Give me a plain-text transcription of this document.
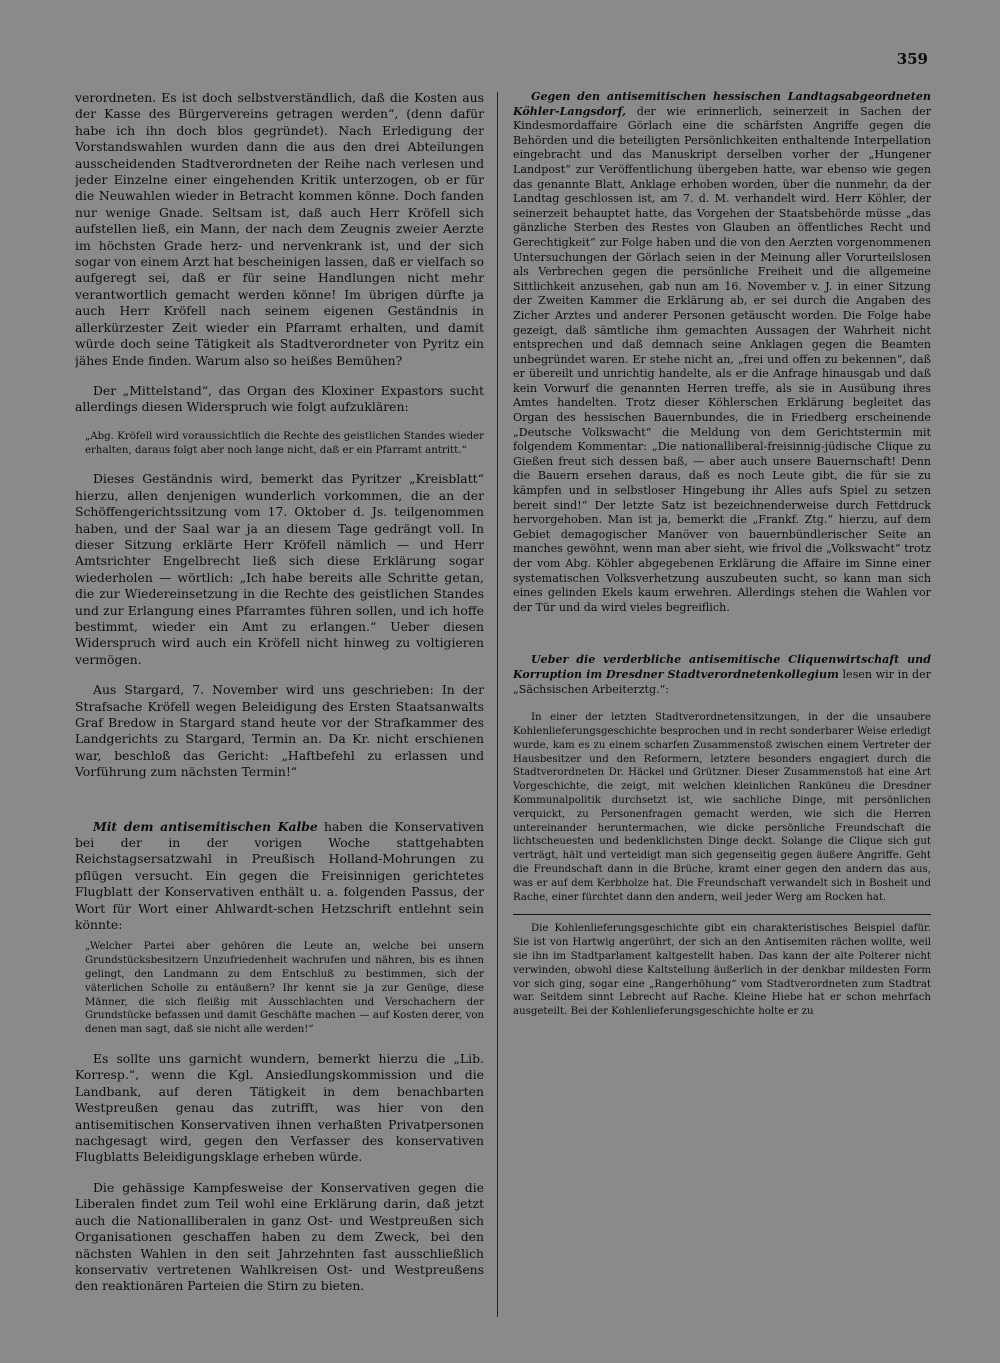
359

verordneten. Es ist doch selbstverständlich, daß die Kosten aus der Kasse des Bürgervereins getragen werden“, (denn dafür habe ich ihn doch blos gegründet). Nach Erledigung der Vorstandswahlen wurden dann die aus den drei Abteilungen ausscheidenden Stadtverordneten der Reihe nach verlesen und jeder Einzelne einer eingehenden Kritik unterzogen, ob er für die Neuwahlen wieder in Betracht kommen könne. Doch fanden nur wenige Gnade. Seltsam ist, daß auch Herr Kröfell sich aufstellen ließ, ein Mann, der nach dem Zeugnis zweier Aerzte im höchsten Grade herz- und nervenkrank ist, und der sich sogar von einem Arzt hat bescheinigen lassen, daß er vielfach so aufgeregt sei, daß er für seine Handlungen nicht mehr verantwortlich gemacht werden könne! Im übrigen dürfte ja auch Herr Kröfell nach seinem eigenen Geständnis in allerkürzester Zeit wieder ein Pfarramt erhalten, und damit würde doch seine Tätigkeit als Stadtverordneter von Pyritz ein jähes Ende finden. Warum also so heißes Bemühen?

Der „Mittelstand“, das Organ des Kloxiner Expastors sucht allerdings diesen Widerspruch wie folgt aufzuklären:

„Abg. Kröfell wird voraussichtlich die Rechte des geistlichen Standes wieder erhalten, daraus folgt aber noch lange nicht, daß er ein Pfarramt antritt.“

Dieses Geständnis wird, bemerkt das Pyritzer „Kreisblatt“ hierzu, allen denjenigen wunderlich vorkommen, die an der Schöffengerichtssitzung vom 17. Oktober d. Js. teilgenommen haben, und der Saal war ja an diesem Tage gedrängt voll. In dieser Sitzung erklärte Herr Kröfell nämlich — und Herr Amtsrichter Engelbrecht ließ sich diese Erklärung sogar wiederholen — wörtlich: „Ich habe bereits alle Schritte getan, die zur Wiedereinsetzung in die Rechte des geistlichen Standes und zur Erlangung eines Pfarramtes führen sollen, und ich hoffe bestimmt, wieder ein Amt zu erlangen.“ Ueber diesen Widerspruch wird auch ein Kröfell nicht hinweg zu voltigieren vermögen.

Aus Stargard, 7. November wird uns geschrieben: In der Strafsache Kröfell wegen Beleidigung des Ersten Staatsanwalts Graf Bredow in Stargard stand heute vor der Strafkammer des Landgerichts zu Stargard, Termin an. Da Kr. nicht erschienen war, beschloß das Gericht: „Haftbefehl zu erlassen und Vorführung zum nächsten Termin!“

Mit dem antisemitischen Kalbe haben die Konservativen bei der in der vorigen Woche stattgehabten Reichstagsersatzwahl in Preußisch Holland-Mohrungen zu pflügen versucht. Ein gegen die Freisinnigen gerichtetes Flugblatt der Konservativen enthält u. a. folgenden Passus, der Wort für Wort einer Ahlwardt-schen Hetzschrift entlehnt sein könnte:

„Welcher Partei aber gehören die Leute an, welche bei unsern Grundstücksbesitzern Unzufriedenheit wachrufen und nähren, bis es ihnen gelingt, den Landmann zu dem Entschluß zu bestimmen, sich der väterlichen Scholle zu entäußern? Ihr kennt sie ja zur Genüge, diese Männer, die sich fleißig mit Ausschlachten und Verschachern der Grundstücke befassen und damit Geschäfte machen — auf Kosten derer, von denen man sagt, daß sie nicht alle werden!“

Es sollte uns garnicht wundern, bemerkt hierzu die „Lib. Korresp.“, wenn die Kgl. Ansiedlungskommission und die Landbank, auf deren Tätigkeit in dem benachbarten Westpreußen genau das zutrifft, was hier von den antisemitischen Konservativen ihnen verhaßten Privatpersonen nachgesagt wird, gegen den Verfasser des konservativen Flugblatts Beleidigungsklage erheben würde.

Die gehässige Kampfesweise der Konservativen gegen die Liberalen findet zum Teil wohl eine Erklärung darin, daß jetzt auch die Nationalliberalen in ganz Ost- und Westpreußen sich Organisationen geschaffen haben zu dem Zweck, bei den nächsten Wahlen in den seit Jahrzehnten fast ausschließlich konservativ vertretenen Wahlkreisen Ost- und Westpreußens den reaktionären Parteien die Stirn zu bieten.

Gegen den antisemitischen hessischen Landtagsabgeordneten Köhler-Langsdorf, der wie erinnerlich, seinerzeit in Sachen der Kindesmordaffaire Görlach eine die schärfsten Angriffe gegen die Behörden und die beteiligten Persönlichkeiten enthaltende Interpellation eingebracht und das Manuskript derselben vorher der „Hungener Landpost“ zur Veröffentlichung übergeben hatte, war ebenso wie gegen das genannte Blatt, Anklage erhoben worden, über die nunmehr, da der Landtag geschlossen ist, am 7. d. M. verhandelt wird. Herr Köhler, der seinerzeit behauptet hatte, das Vorgehen der Staatsbehörde müsse „das gänzliche Sterben des Restes von Glauben an öffentliches Recht und Gerechtigkeit“ zur Folge haben und die von den Aerzten vorgenommenen Untersuchungen der Görlach seien in der Meinung aller Vorurteilslosen als Verbrechen gegen die persönliche Freiheit und die allgemeine Sittlichkeit anzusehen, gab nun am 16. November v. J. in einer Sitzung der Zweiten Kammer die Erklärung ab, er sei durch die Angaben des Zicher Arztes und anderer Personen getäuscht worden. Die Folge habe gezeigt, daß sämtliche ihm gemachten Aussagen der Wahrheit nicht entsprechen und daß demnach seine Anklagen gegen die Beamten unbegründet waren. Er stehe nicht an, „frei und offen zu bekennen“, daß er übereilt und unrichtig handelte, als er die Anfrage hinausgab und daß kein Vorwurf die genannten Herren treffe, als sie in Ausübung ihres Amtes handelten. Trotz dieser Köhlerschen Erklärung begleitet das Organ des hessischen Bauernbundes, die in Friedberg erscheinende „Deutsche Volkswacht“ die Meldung von dem Gerichtstermin mit folgendem Kommentar: „Die nationalliberal-freisinnig-jüdische Clique zu Gießen freut sich dessen baß, — aber auch unsere Bauernschaft! Denn die Bauern ersehen daraus, daß es noch Leute gibt, die für sie zu kämpfen und in selbstloser Hingebung ihr Alles aufs Spiel zu setzen bereit sind!“ Der letzte Satz ist bezeichnenderweise durch Fettdruck hervorgehoben. Man ist ja, bemerkt die „Frankf. Ztg.“ hierzu, auf dem Gebiet demagogischer Manöver von bauernbündlerischer Seite an manches gewöhnt, wenn man aber sieht, wie frivol die „Volkswacht“ trotz der vom Abg. Köhler abgegebenen Erklärung die Affaire im Sinne einer systematischen Volksverhetzung auszubeuten sucht, so kann man sich eines gelinden Ekels kaum erwehren. Allerdings stehen die Wahlen vor der Tür und da wird vieles begreiflich.

Ueber die verderbliche antisemitische Cliquenwirtschaft und Korruption im Dresdner Stadtverordnetenkollegium lesen wir in der „Sächsischen Arbeiterztg.“:

In einer der letzten Stadtverordnetensitzungen, in der die unsaubere Kohlenlieferungsgeschichte besprochen und in recht sonderbarer Weise erledigt wurde, kam es zu einem scharfen Zusammenstoß zwischen einem Vertreter der Hausbesitzer und den Reformern, letztere besonders engagiert durch die Stadtverordneten Dr. Häckel und Grützner. Dieser Zusammenstoß hat eine Art Vorgeschichte, die zeigt, mit welchen kleinlichen Ranküneu die Dresdner Kommunalpolitik durchsetzt ist, wie sachliche Dinge, mit persönlichen verquickt, zu Personenfragen gemacht werden, wie sich die Herren untereinander heruntermachen, wie dicke persönliche Freundschaft die lichtscheuesten und bedenklichsten Dinge deckt. Solange die Clique sich gut verträgt, hält und verteidigt man sich gegenseitig gegen äußere Angriffe. Geht die Freundschaft dann in die Brüche, kramt einer gegen den andern das aus, was er auf dem Kerbholze hat. Die Freundschaft verwandelt sich in Bosheit und Rache, einer fürchtet dann den andern, weil jeder Werg am Rocken hat.

Die Kohlenlieferungsgeschichte gibt ein charakteristisches Beispiel dafür. Sie ist von Hartwig angerührt, der sich an den Antisemiten rächen wollte, weil sie ihn im Stadtparlament kaltgestellt haben. Das kann der alte Polterer nicht verwinden, obwohl diese Kaltstellung äußerlich in der denkbar mildesten Form vor sich ging, sogar eine „Rangerhöhung“ vom Stadtverordneten zum Stadtrat war. Seitdem sinnt Lebrecht auf Rache. Kleine Hiebe hat er schon mehrfach ausgeteilt. Bei der Kohlenlieferungsgeschichte holte er zu
